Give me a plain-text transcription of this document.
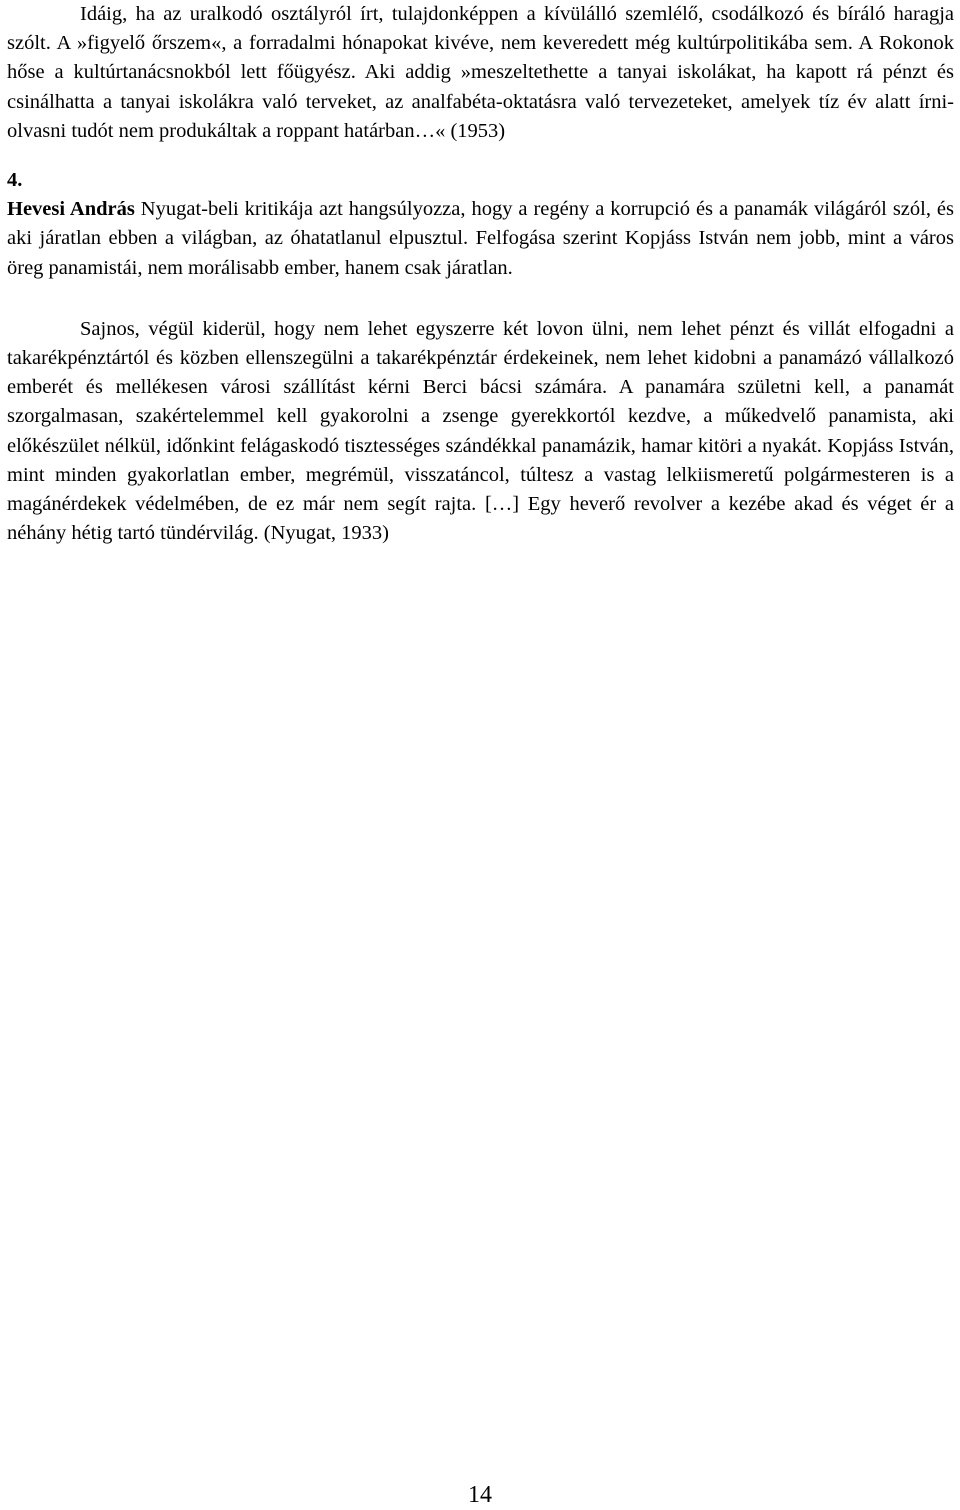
Idáig, ha az uralkodó osztályról írt, tulajdonképpen a kívülálló szemlélő, csodálkozó és bíráló haragja szólt. A »figyelő őrszem«, a forradalmi hónapokat kivéve, nem keveredett még kultúrpolitikába sem. A Rokonok hőse a kultúrtanácsnokból lett főügyész. Aki addig »meszeltethette a tanyai iskolákat, ha kapott rá pénzt és csinálhatta a tanyai iskolákra való terveket, az analfabéta-oktatásra való tervezeteket, amelyek tíz év alatt írni-olvasni tudót nem produkáltak a roppant határban…« (1953)

4.

Hevesi András Nyugat-beli kritikája azt hangsúlyozza, hogy a regény a korrupció és a panamák világáról szól, és aki járatlan ebben a világban, az óhatatlanul elpusztul. Felfogása szerint Kopjáss István nem jobb, mint a város öreg panamistái, nem morálisabb ember, hanem csak járatlan.

Sajnos, végül kiderül, hogy nem lehet egyszerre két lovon ülni, nem lehet pénzt és villát elfogadni a takarékpénztártól és közben ellenszegülni a takarékpénztár érdekeinek, nem lehet kidobni a panamázó vállalkozó emberét és mellékesen városi szállítást kérni Berci bácsi számára. A panamára születni kell, a panamát szorgalmasan, szakértelemmel kell gyakorolni a zsenge gyerekkortól kezdve, a műkedvelő panamista, aki előkészület nélkül, időnkint felágaskodó tisztességes szándékkal panamázik, hamar kitöri a nyakát. Kopjáss István, mint minden gyakorlatlan ember, megrémül, visszatáncol, túltesz a vastag lelkiismeretű polgármesteren is a magánérdekek védelmében, de ez már nem segít rajta. […] Egy heverő revolver a kezébe akad és véget ér a néhány hétig tartó tündérvilág. (Nyugat, 1933)

14
